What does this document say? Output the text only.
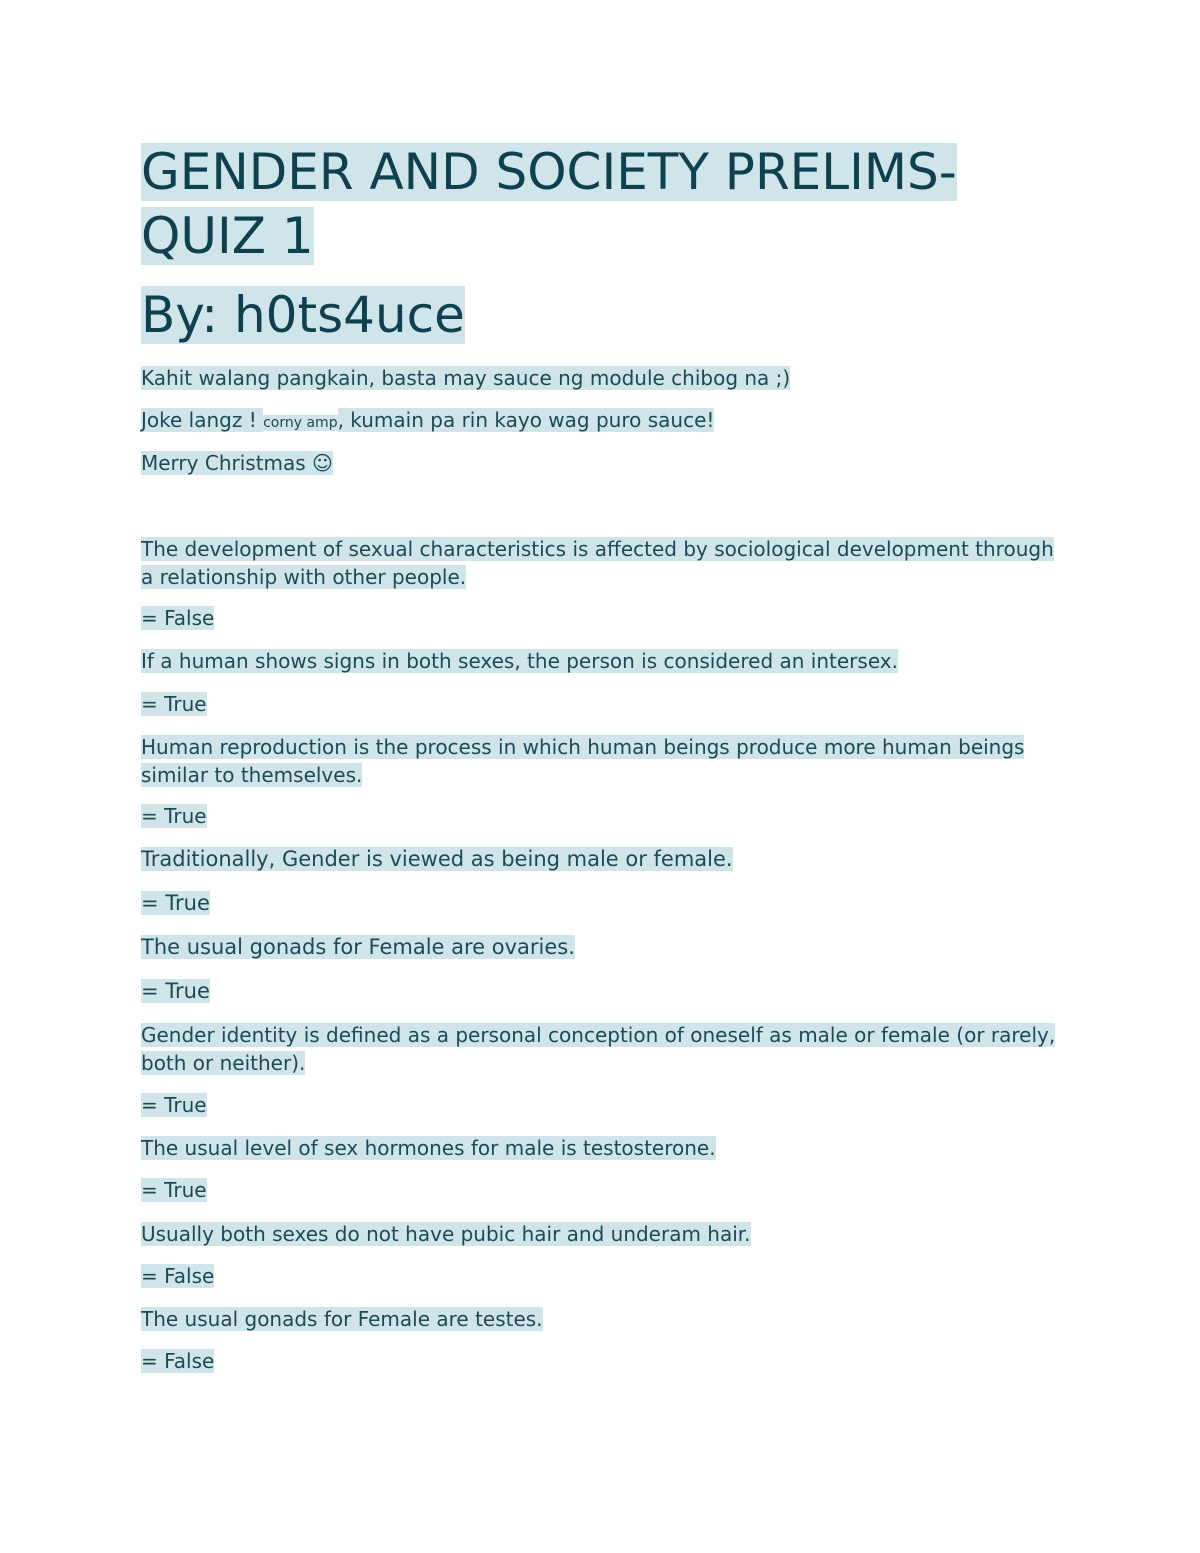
GENDER AND SOCIETY PRELIMS- QUIZ 1
By: h0ts4uce

Kahit walang pangkain, basta may sauce ng module chibog na ;)

Joke langz ! corny amp, kumain pa rin kayo wag puro sauce!

Merry Christmas ☺

The development of sexual characteristics is affected by sociological development through a relationship with other people.

= False

If a human shows signs in both sexes, the person is considered an intersex.

= True

Human reproduction is the process in which human beings produce more human beings similar to themselves.

= True

Traditionally, Gender is viewed as being male or female.

= True

The usual gonads for Female are ovaries.

= True

Gender identity is defined as a personal conception of oneself as male or female (or rarely, both or neither).

= True

The usual level of sex hormones for male is testosterone.

= True

Usually both sexes do not have pubic hair and underam hair.

= False

The usual gonads for Female are testes.

= False
